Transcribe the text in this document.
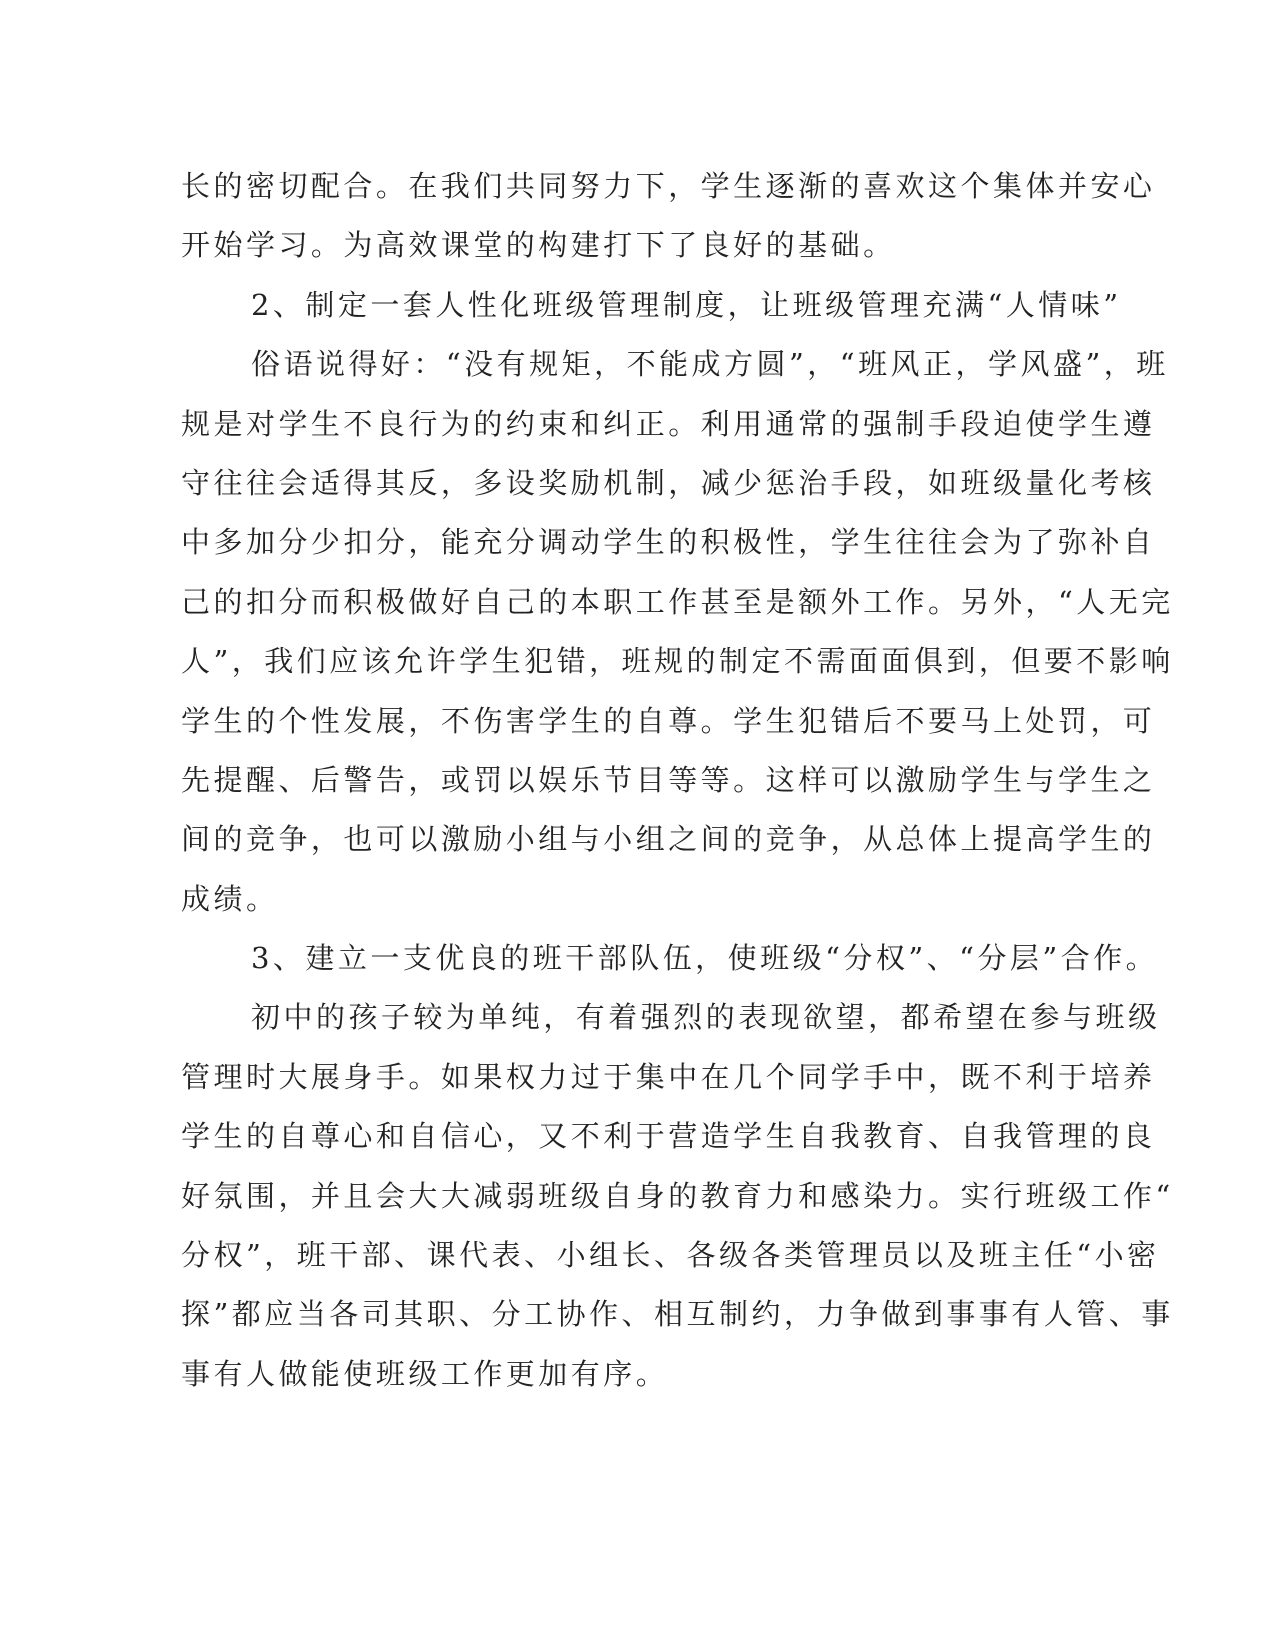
长的密切配合。在我们共同努力下，学生逐渐的喜欢这个集体并安心
开始学习。为高效课堂的构建打下了良好的基础。
2、制定一套人性化班级管理制度，让班级管理充满“人情味”
俗语说得好：“没有规矩，不能成方圆”，“班风正，学风盛”，班
规是对学生不良行为的约束和纠正。利用通常的强制手段迫使学生遵
守往往会适得其反，多设奖励机制，减少惩治手段，如班级量化考核
中多加分少扣分，能充分调动学生的积极性，学生往往会为了弥补自
己的扣分而积极做好自己的本职工作甚至是额外工作。另外，“人无完
人”，我们应该允许学生犯错，班规的制定不需面面俱到，但要不影响
学生的个性发展，不伤害学生的自尊。学生犯错后不要马上处罚，可
先提醒、后警告，或罚以娱乐节目等等。这样可以激励学生与学生之
间的竞争，也可以激励小组与小组之间的竞争，从总体上提高学生的
成绩。
3、建立一支优良的班干部队伍，使班级“分权”、“分层”合作。
初中的孩子较为单纯，有着强烈的表现欲望，都希望在参与班级
管理时大展身手。如果权力过于集中在几个同学手中，既不利于培养
学生的自尊心和自信心，又不利于营造学生自我教育、自我管理的良
好氛围，并且会大大减弱班级自身的教育力和感染力。实行班级工作“
分权”，班干部、课代表、小组长、各级各类管理员以及班主任“小密
探”都应当各司其职、分工协作、相互制约，力争做到事事有人管、事
事有人做能使班级工作更加有序。
